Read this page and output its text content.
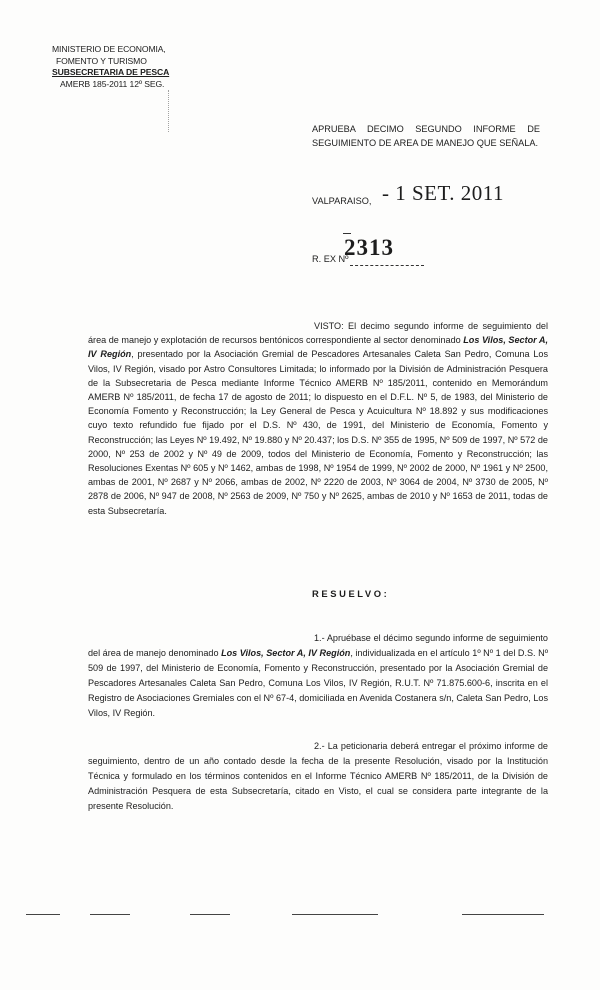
MINISTERIO DE ECONOMIA,
FOMENTO Y TURISMO
SUBSECRETARIA DE PESCA
AMERB 185-2011 12º SEG.
APRUEBA DECIMO SEGUNDO INFORME DE SEGUIMIENTO DE AREA DE MANEJO QUE SEÑALA.
VALPARAISO, - 1 SET. 2011
2313
R. EX Nº
VISTO: El decimo segundo informe de seguimiento del área de manejo y explotación de recursos bentónicos correspondiente al sector denominado Los Vilos, Sector A, IV Región, presentado por la Asociación Gremial de Pescadores Artesanales Caleta San Pedro, Comuna Los Vilos, IV Región, visado por Astro Consultores Limitada; lo informado por la División de Administración Pesquera de la Subsecretaria de Pesca mediante Informe Técnico AMERB Nº 185/2011, contenido en Memorándum AMERB Nº 185/2011, de fecha 17 de agosto de 2011; lo dispuesto en el D.F.L. Nº 5, de 1983, del Ministerio de Economía Fomento y Reconstrucción; la Ley General de Pesca y Acuicultura Nº 18.892 y sus modificaciones cuyo texto refundido fue fijado por el D.S. Nº 430, de 1991, del Ministerio de Economía, Fomento y Reconstrucción; las Leyes Nº 19.492, Nº 19.880 y Nº 20.437; los D.S. Nº 355 de 1995, Nº 509 de 1997, Nº 572 de 2000, Nº 253 de 2002 y Nº 49 de 2009, todos del Ministerio de Economía, Fomento y Reconstrucción; las Resoluciones Exentas Nº 605 y Nº 1462, ambas de 1998, Nº 1954 de 1999, Nº 2002 de 2000, Nº 1961 y Nº 2500, ambas de 2001, Nº 2687 y Nº 2066, ambas de 2002, Nº 2220 de 2003, Nº 3064 de 2004, Nº 3730 de 2005, Nº 2878 de 2006, Nº 947 de 2008, Nº 2563 de 2009, Nº 750 y Nº 2625, ambas de 2010 y Nº 1653 de 2011, todas de esta Subsecretaría.
RESUELVO:
1.- Apruébase el décimo segundo informe de seguimiento del área de manejo denominado Los Vilos, Sector A, IV Región, individualizada en el artículo 1º Nº 1 del D.S. Nº 509 de 1997, del Ministerio de Economía, Fomento y Reconstrucción, presentado por la Asociación Gremial de Pescadores Artesanales Caleta San Pedro, Comuna Los Vilos, IV Región, R.U.T. Nº 71.875.600-6, inscrita en el Registro de Asociaciones Gremiales con el Nº 67-4, domiciliada en Avenida Costanera s/n, Caleta San Pedro, Los Vilos, IV Región.
2.- La peticionaria deberá entregar el próximo informe de seguimiento, dentro de un año contado desde la fecha de la presente Resolución, visado por la Institución Técnica y formulado en los términos contenidos en el Informe Técnico AMERB Nº 185/2011, de la División de Administración Pesquera de esta Subsecretaría, citado en Visto, el cual se considera parte integrante de la presente Resolución.
